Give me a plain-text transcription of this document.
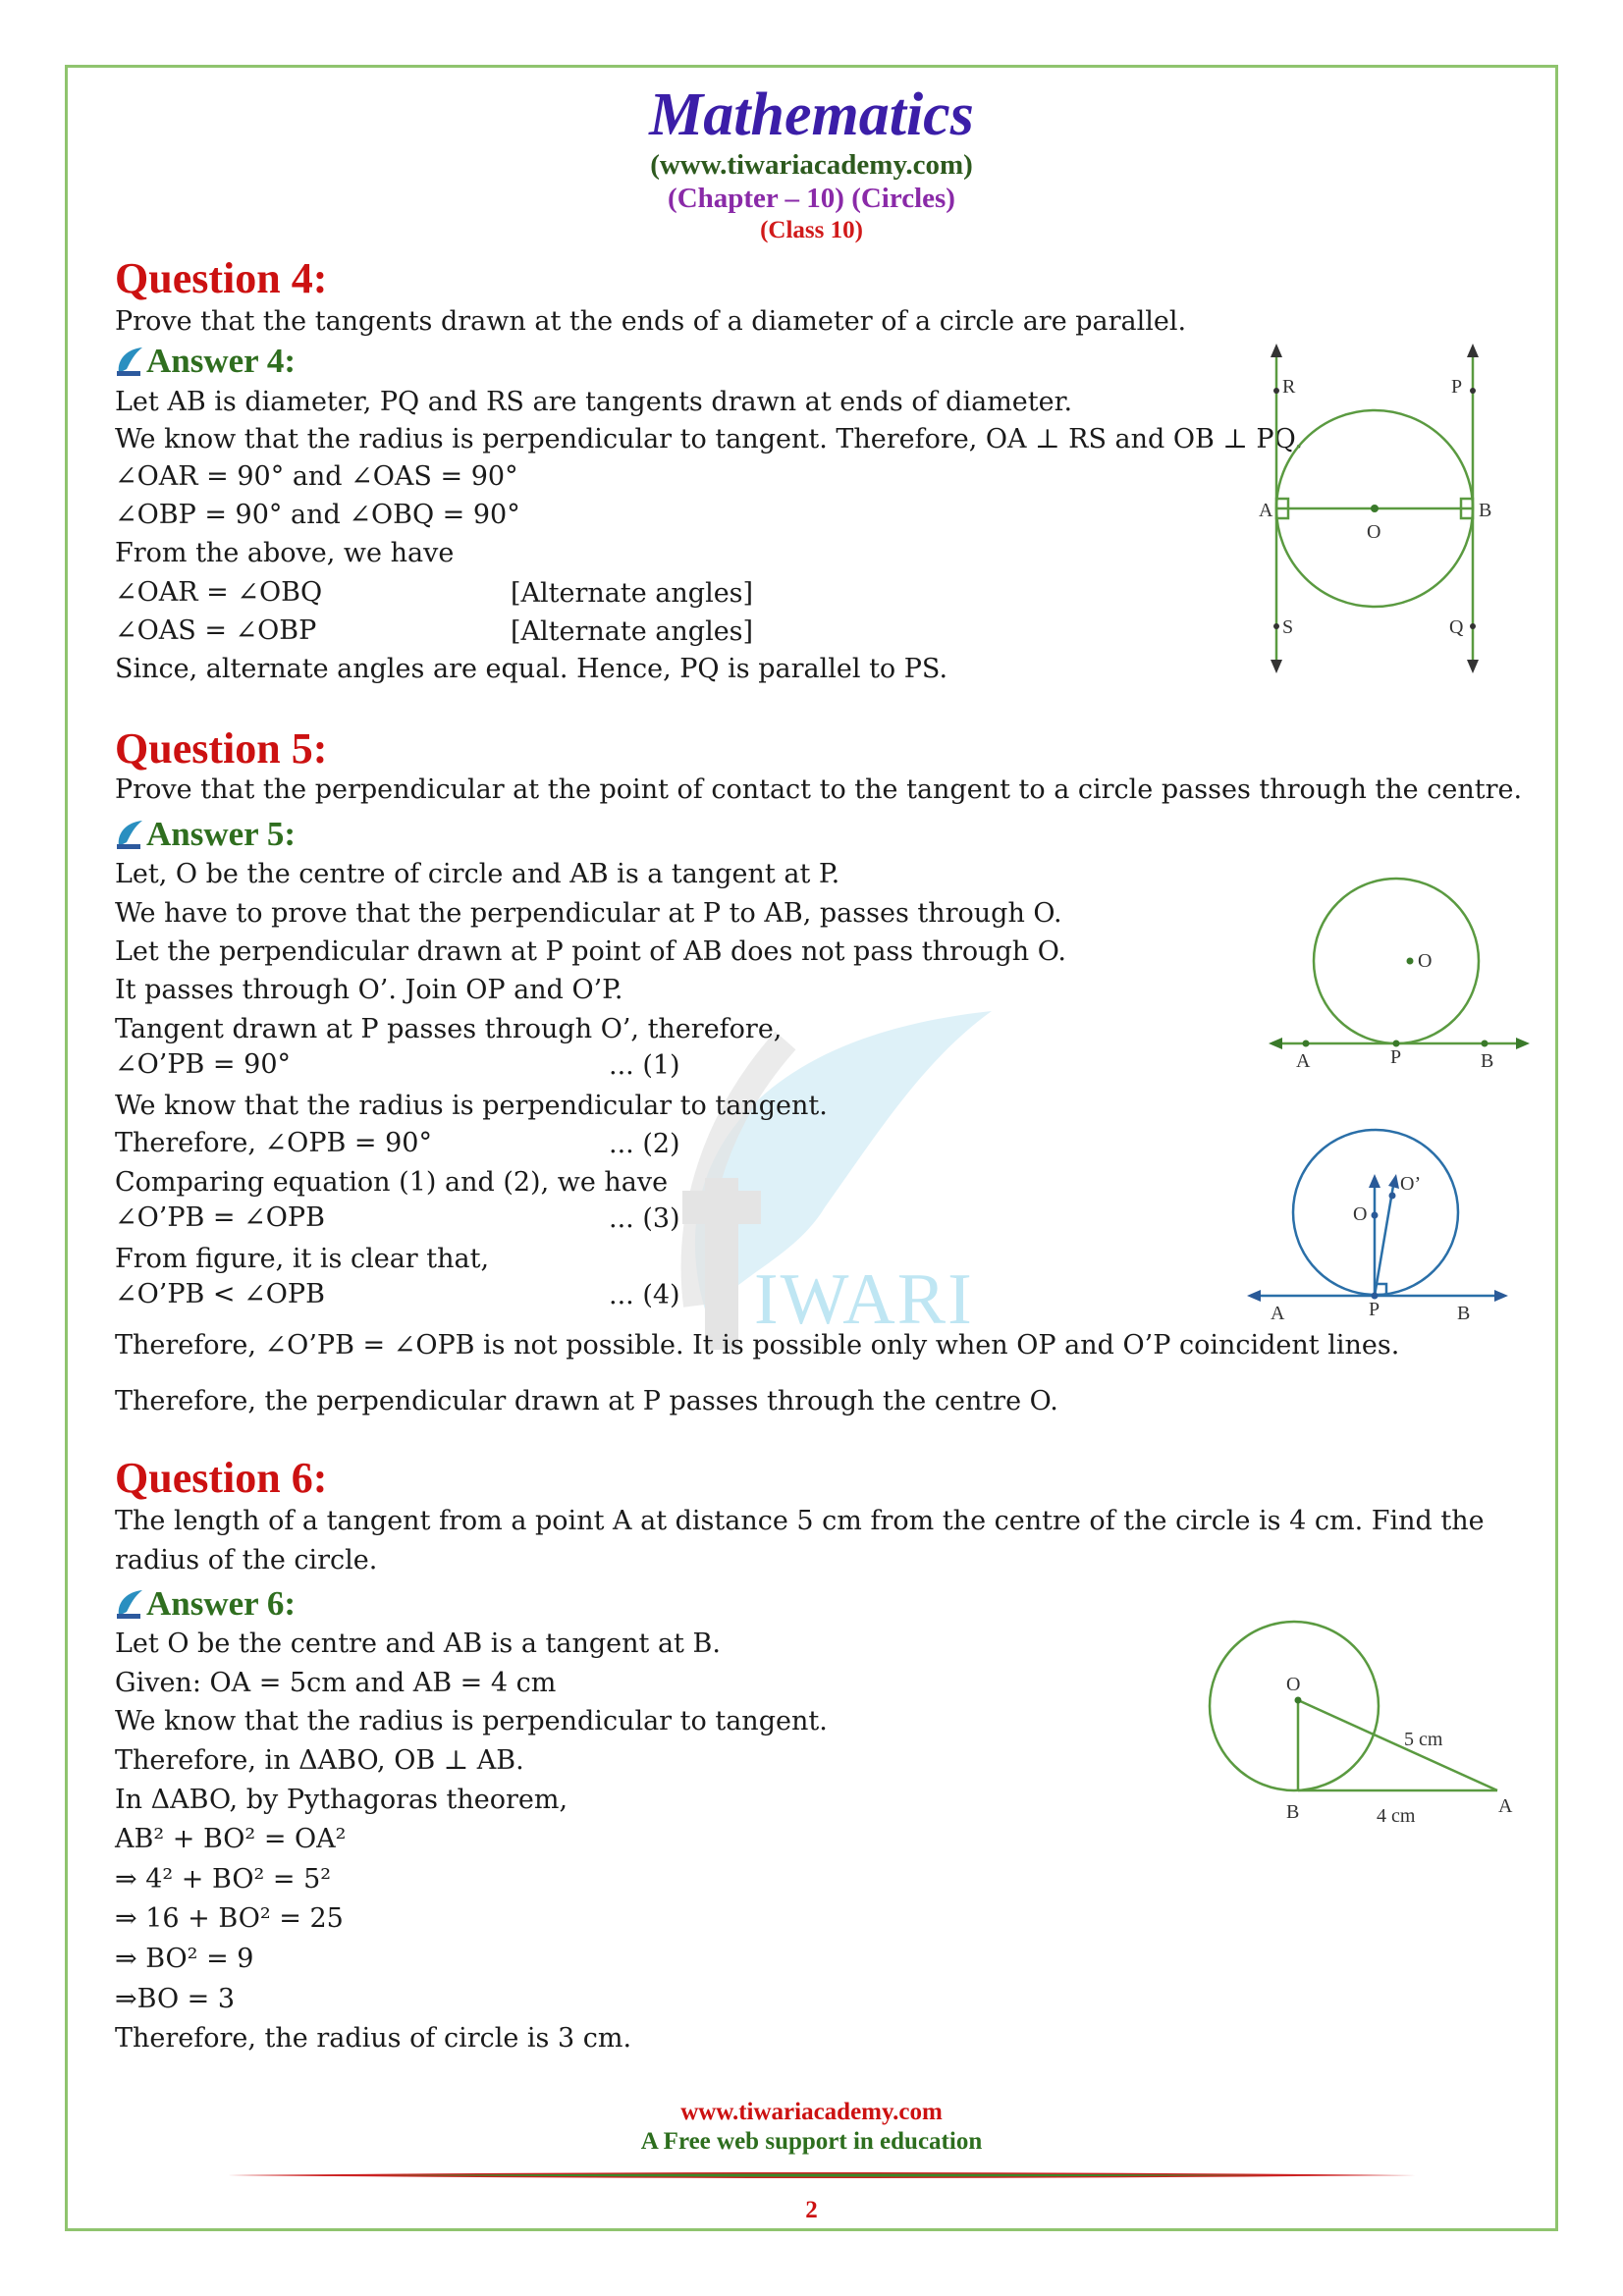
Mathematics
(www.tiwariacademy.com)
(Chapter – 10) (Circles)
(Class 10)
IWARI
Question 4:
Prove that the tangents drawn at the ends of a diameter of a circle are parallel.
Answer 4:
Let AB is diameter, PQ and RS are tangents drawn at ends of diameter.
We know that the radius is perpendicular to tangent. Therefore, OA ⊥ RS and OB ⊥ PQ.
∠OAR = 90° and ∠OAS = 90°
∠OBP = 90° and ∠OBQ = 90°
From the above, we have
∠OAR = ∠OBQ	[Alternate angles]
∠OAS = ∠OBP	[Alternate angles]
Since, alternate angles are equal. Hence, PQ is parallel to PS.
R	P
A
O
B
S	Q
Question 5:
Prove that the perpendicular at the point of contact to the tangent to a circle passes through the centre.
Answer 5:
Let, O be the centre of circle and AB is a tangent at P.
We have to prove that the perpendicular at P to AB, passes through O.
Let the perpendicular drawn at P point of AB does not pass through O.
It passes through O’. Join OP and O’P.
Tangent drawn at P passes through O’, therefore,
∠O’PB = 90°	... (1)
We know that the radius is perpendicular to tangent.
Therefore, ∠OPB = 90°	... (2)
Comparing equation (1) and (2), we have
∠O’PB = ∠OPB	... (3)
From figure, it is clear that,
∠O’PB < ∠OPB	... (4)
Therefore, ∠O’PB = ∠OPB is not possible. It is possible only when OP and O’P coincident lines.
Therefore, the perpendicular drawn at P passes through the centre O.
O
A	P	B
O
O’
A	P	B
Question 6:
The length of a tangent from a point A at distance 5 cm from the centre of the circle is 4 cm. Find the radius of the circle.
Answer 6:
Let O be the centre and AB is a tangent at B.
Given: OA = 5cm and AB = 4 cm
We know that the radius is perpendicular to tangent.
Therefore, in ΔABO, OB ⊥ AB.
In ΔABO, by Pythagoras theorem,
AB² + BO² = OA²
⇒ 4² + BO² = 5²
⇒ 16 + BO² = 25
⇒ BO² = 9
⇒BO = 3
Therefore, the radius of circle is 3 cm.
O
B	A
5 cm
4 cm
www.tiwariacademy.com
A Free web support in education
2
